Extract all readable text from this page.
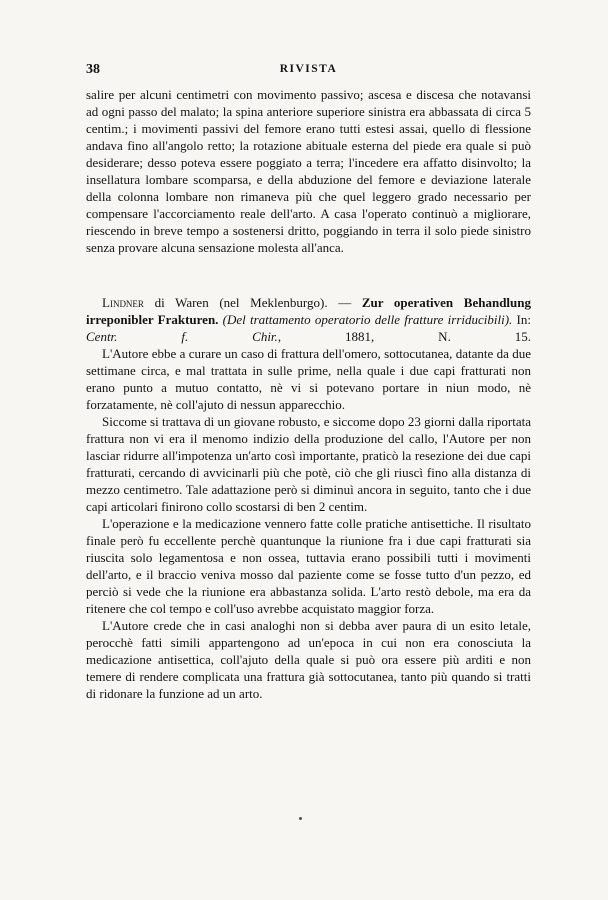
38	RIVISTA

salire per alcuni centimetri con movimento passivo; ascesa e discesa che notavansi ad ogni passo del malato; la spina anteriore superiore sinistra era abbassata di circa 5 centim.; i movimenti passivi del femore erano tutti estesi assai, quello di flessione andava fino all'angolo retto; la rotazione abituale esterna del piede era quale si può desiderare; desso poteva essere poggiato a terra; l'incedere era affatto disinvolto; la insellatura lombare scomparsa, e della abduzione del femore e deviazione laterale della colonna lombare non rimaneva più che quel leggero grado necessario per compensare l'accorciamento reale dell'arto. A casa l'operato continuò a migliorare, riescendo in breve tempo a sostenersi dritto, poggiando in terra il solo piede sinistro senza provare alcuna sensazione molesta all'anca.

Lindner di Waren (nel Meklenburgo). — Zur operativen Behandlung irreponibler Frakturen. (Del trattamento operatorio delle fratture irriducibili). In: Centr. f. Chir., 1881, N. 15.

L'Autore ebbe a curare un caso di frattura dell'omero, sottocutanea, datante da due settimane circa, e mal trattata in sulle prime, nella quale i due capi fratturati non erano punto a mutuo contatto, nè vi si potevano portare in niun modo, nè forzatamente, nè coll'ajuto di nessun apparecchio.

Siccome si trattava di un giovane robusto, e siccome dopo 23 giorni dalla riportata frattura non vi era il menomo indizio della produzione del callo, l'Autore per non lasciar ridurre all'impotenza un'arto così importante, praticò la resezione dei due capi fratturati, cercando di avvicinarli più che potè, ciò che gli riuscì fino alla distanza di mezzo centimetro. Tale adattazione però si diminuì ancora in seguito, tanto che i due capi articolari finirono collo scostarsi di ben 2 centim.

L'operazione e la medicazione vennero fatte colle pratiche antisettiche. Il risultato finale però fu eccellente perchè quantunque la riunione fra i due capi fratturati sia riuscita solo legamentosa e non ossea, tuttavia erano possibili tutti i movimenti dell'arto, e il braccio veniva mosso dal paziente come se fosse tutto d'un pezzo, ed perciò si vede che la riunione era abbastanza solida. L'arto restò debole, ma era da ritenere che col tempo e coll'uso avrebbe acquistato maggior forza.

L'Autore crede che in casi analoghi non si debba aver paura di un esito letale, perocchè fatti simili appartengono ad un'epoca in cui non era conosciuta la medicazione antisettica, coll'ajuto della quale si può ora essere più arditi e non temere di rendere complicata una frattura già sottocutanea, tanto più quando si tratti di ridonare la funzione ad un arto.
